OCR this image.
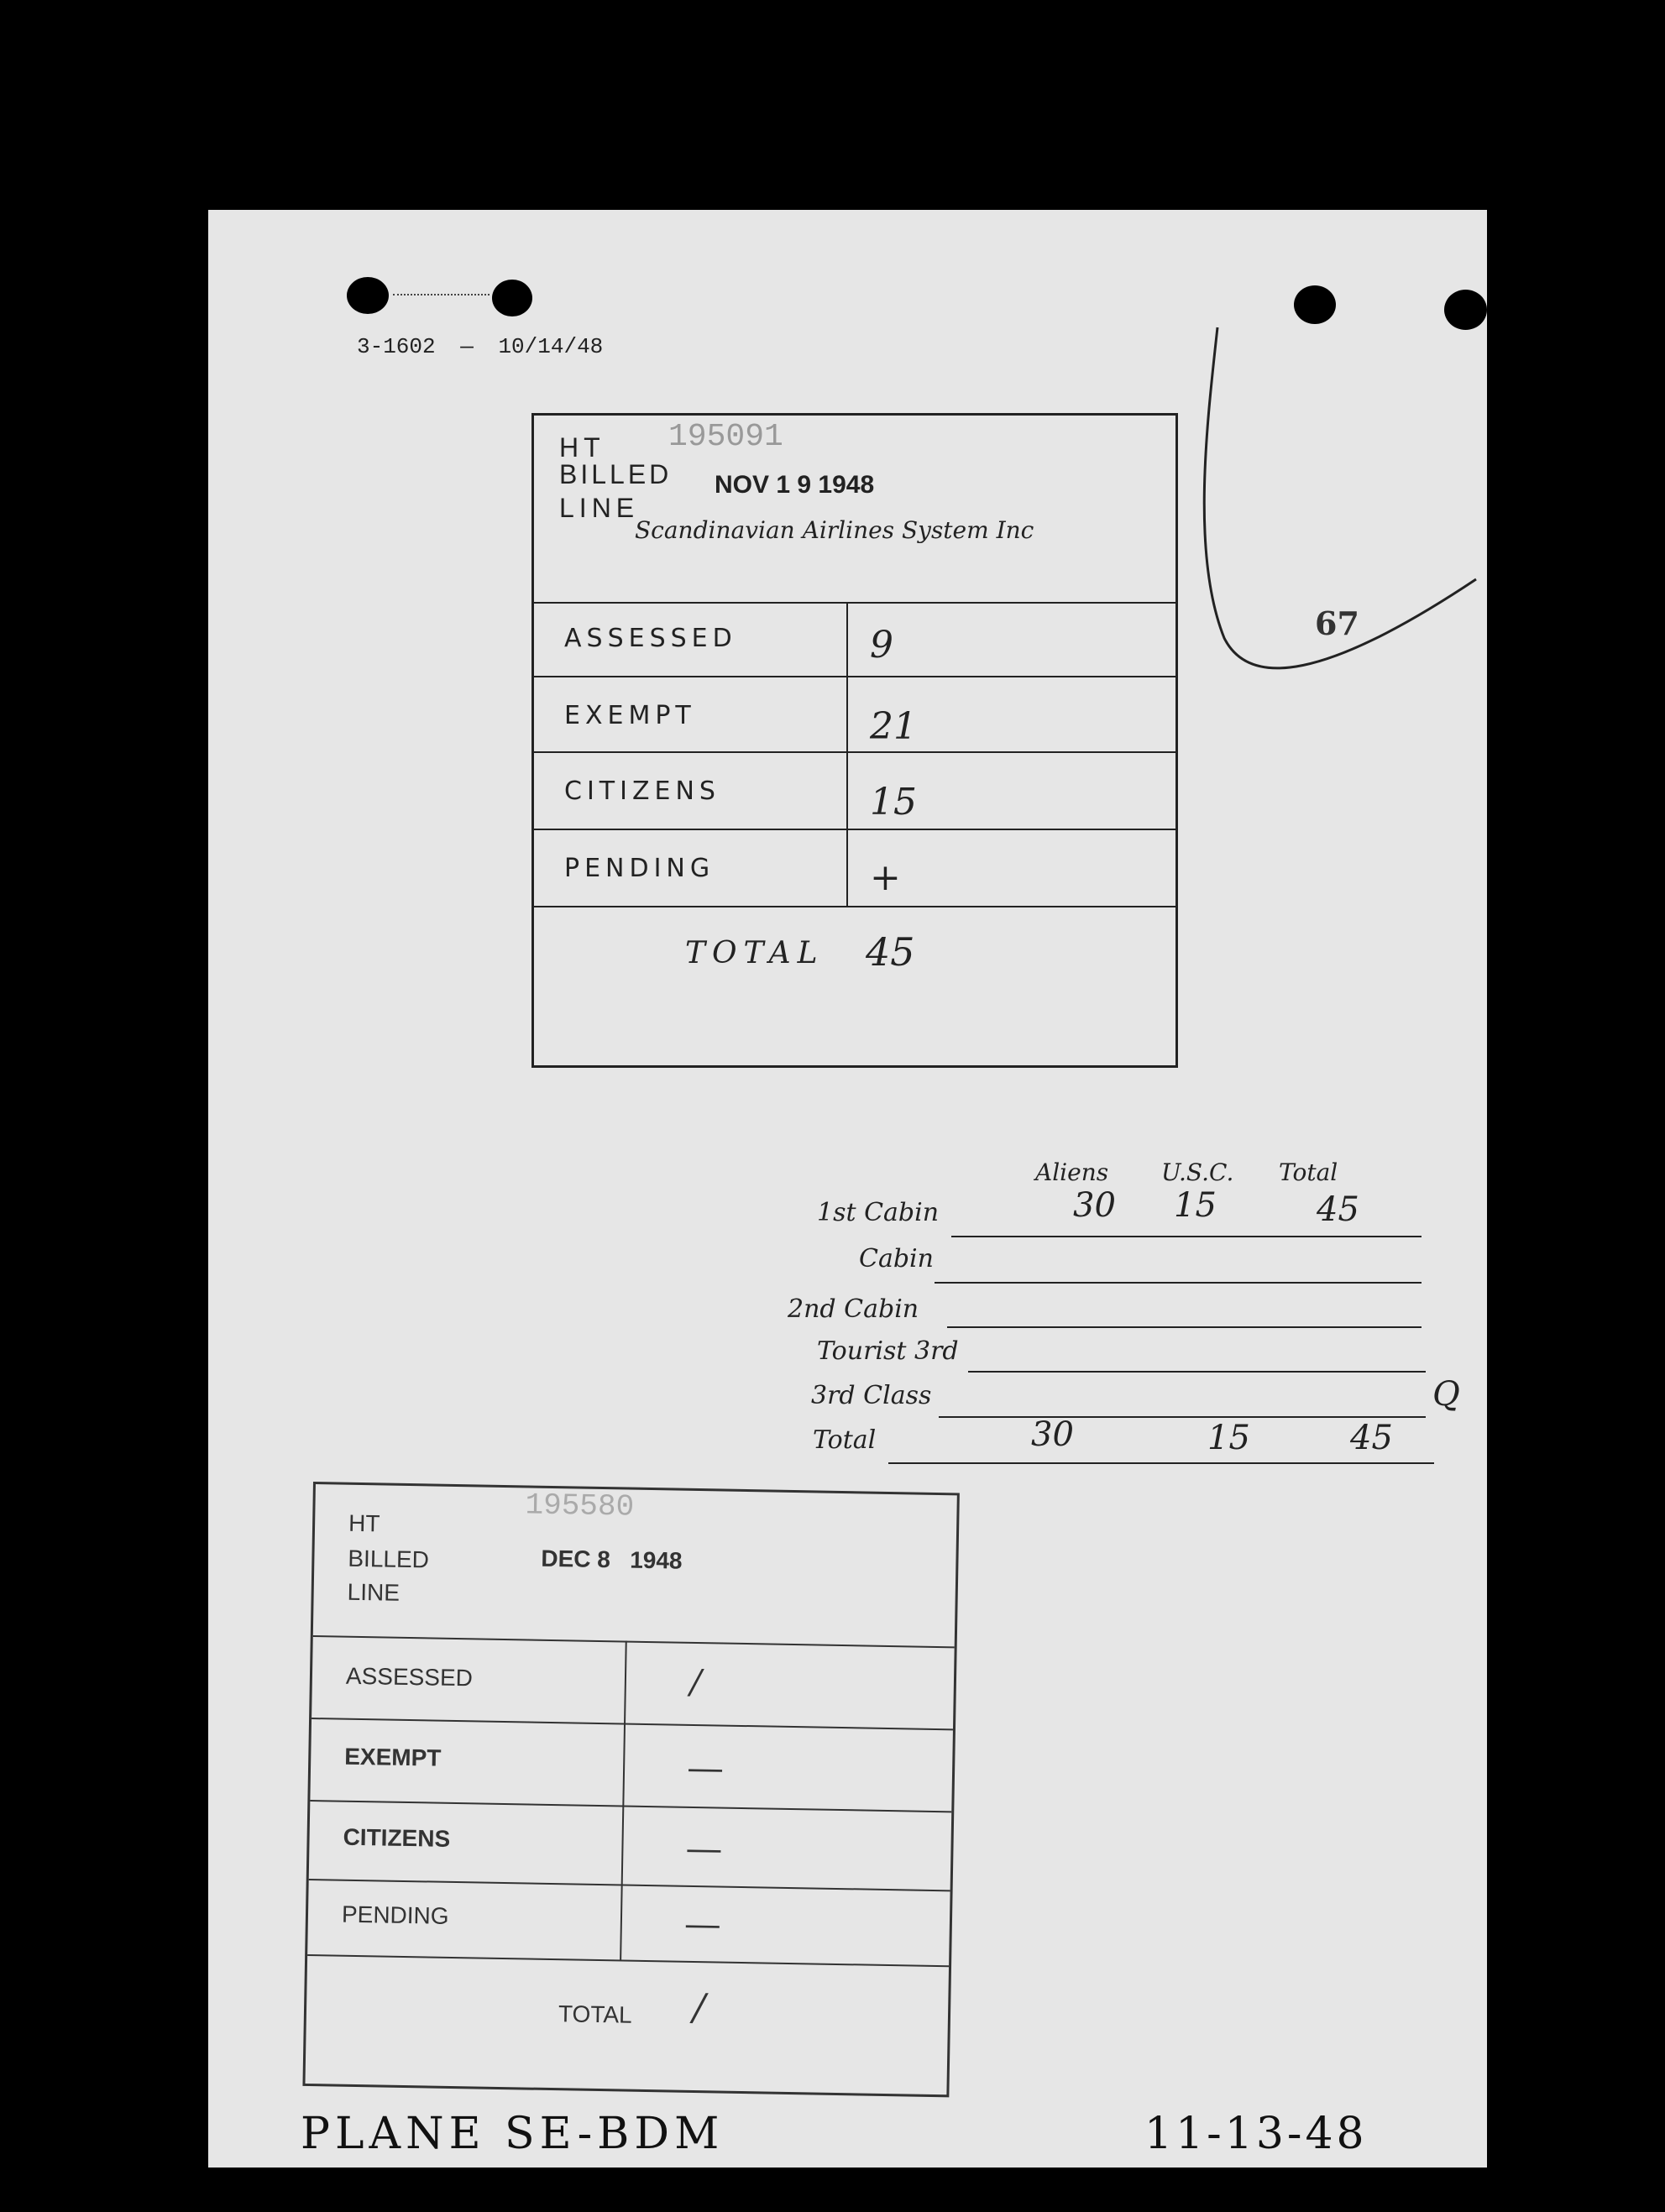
3-1602 — 10/14/48
67
195091
HT
BILLED
LINE
NOV 1 9 1948
Scandinavian Airlines System Inc
ASSESSED	9
EXEMPT	21
CITIZENS	15
PENDING	+
TOTAL 45
Aliens U.S.C. Total
1st Cabin	30 15	45
Cabin
2nd Cabin
Tourist 3rd
3rd Class	Q
Total	30	15	45
195580
HT
BILLED
LINE
DEC 8   1948
ASSESSED	/
EXEMPT	—
CITIZENS	—
PENDING	—
TOTAL /
PLANE SE-BDM	11-13-48
